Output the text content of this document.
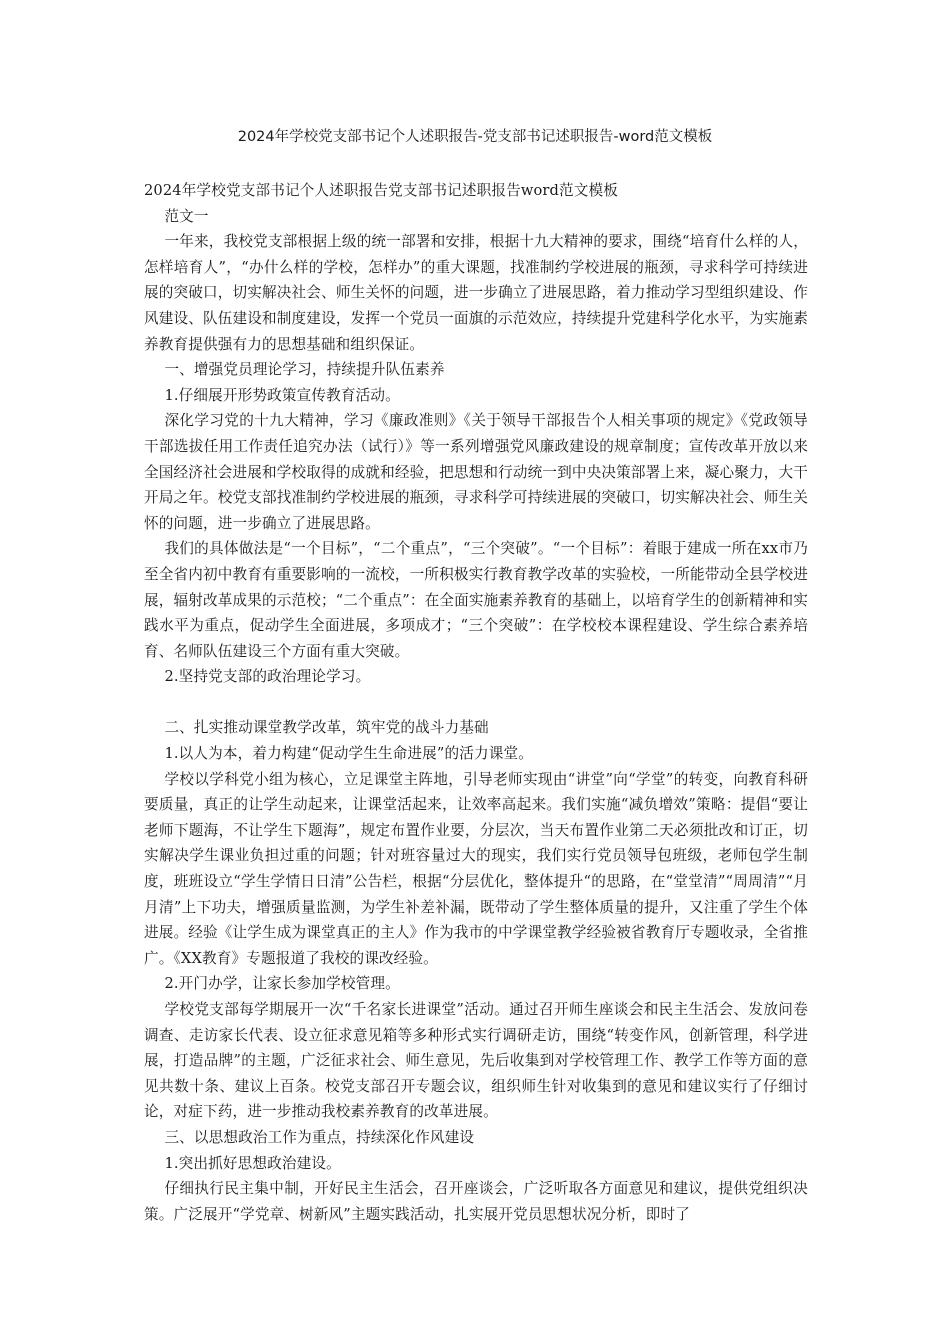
2024年学校党支部书记个人述职报告-党支部书记述职报告-word范文模板

2024年学校党支部书记个人述职报告党支部书记述职报告word范文模板

范文一

一年来，我校党支部根据上级的统一部署和安排，根据十九大精神的要求，围绕“培育什么样的人，怎样培育人”，“办什么样的学校，怎样办”的重大课题，找准制约学校进展的瓶颈，寻求科学可持续进展的突破口，切实解决社会、师生关怀的问题，进一步确立了进展思路，着力推动学习型组织建设、作风建设、队伍建设和制度建设，发挥一个党员一面旗的示范效应，持续提升党建科学化水平，为实施素养教育提供强有力的思想基础和组织保证。

一、增强党员理论学习，持续提升队伍素养

1.仔细展开形势政策宣传教育活动。

深化学习党的十九大精神，学习《廉政准则》《关于领导干部报告个人相关事项的规定》《党政领导干部选拔任用工作责任追究办法（试行）》等一系列增强党风廉政建设的规章制度；宣传改革开放以来全国经济社会进展和学校取得的成就和经验，把思想和行动统一到中央决策部署上来，凝心聚力，大干开局之年。校党支部找准制约学校进展的瓶颈，寻求科学可持续进展的突破口，切实解决社会、师生关怀的问题，进一步确立了进展思路。

我们的具体做法是“一个目标”，“二个重点”，“三个突破”。“一个目标”：着眼于建成一所在xx市乃至全省内初中教育有重要影响的一流校，一所积极实行教育教学改革的实验校，一所能带动全县学校进展，辐射改革成果的示范校；“二个重点”：在全面实施素养教育的基础上，以培育学生的创新精神和实践水平为重点，促动学生全面进展，多项成才；“三个突破”：在学校校本课程建设、学生综合素养培育、名师队伍建设三个方面有重大突破。

2.坚持党支部的政治理论学习。

二、扎实推动课堂教学改革，筑牢党的战斗力基础

1.以人为本，着力构建“促动学生生命进展”的活力课堂。

学校以学科党小组为核心，立足课堂主阵地，引导老师实现由“讲堂”向“学堂”的转变，向教育科研要质量，真正的让学生动起来，让课堂活起来，让效率高起来。我们实施“减负增效”策略：提倡“要让老师下题海，不让学生下题海”，规定布置作业要，分层次，当天布置作业第二天必须批改和订正，切实解决学生课业负担过重的问题；针对班容量过大的现实，我们实行党员领导包班级，老师包学生制度，班班设立“学生学情日日清”公告栏，根据“分层优化，整体提升“的思路，在“堂堂清”“周周清”“月月清”上下功夫，增强质量监测，为学生补差补漏，既带动了学生整体质量的提升，又注重了学生个体进展。经验《让学生成为课堂真正的主人》作为我市的中学课堂教学经验被省教育厅专题收录，全省推广。《XX教育》专题报道了我校的课改经验。

2.开门办学，让家长参加学校管理。

学校党支部每学期展开一次“千名家长进课堂”活动。通过召开师生座谈会和民主生活会、发放问卷调查、走访家长代表、设立征求意见箱等多种形式实行调研走访，围绕“转变作风，创新管理，科学进展，打造品牌”的主题，广泛征求社会、师生意见，先后收集到对学校管理工作、教学工作等方面的意见共数十条、建议上百条。校党支部召开专题会议，组织师生针对收集到的意见和建议实行了仔细讨论，对症下药，进一步推动我校素养教育的改革进展。

三、以思想政治工作为重点，持续深化作风建设

1.突出抓好思想政治建设。

仔细执行民主集中制，开好民主生活会，召开座谈会，广泛听取各方面意见和建议，提供党组织决策。广泛展开“学党章、树新风”主题实践活动，扎实展开党员思想状况分析，即时了
